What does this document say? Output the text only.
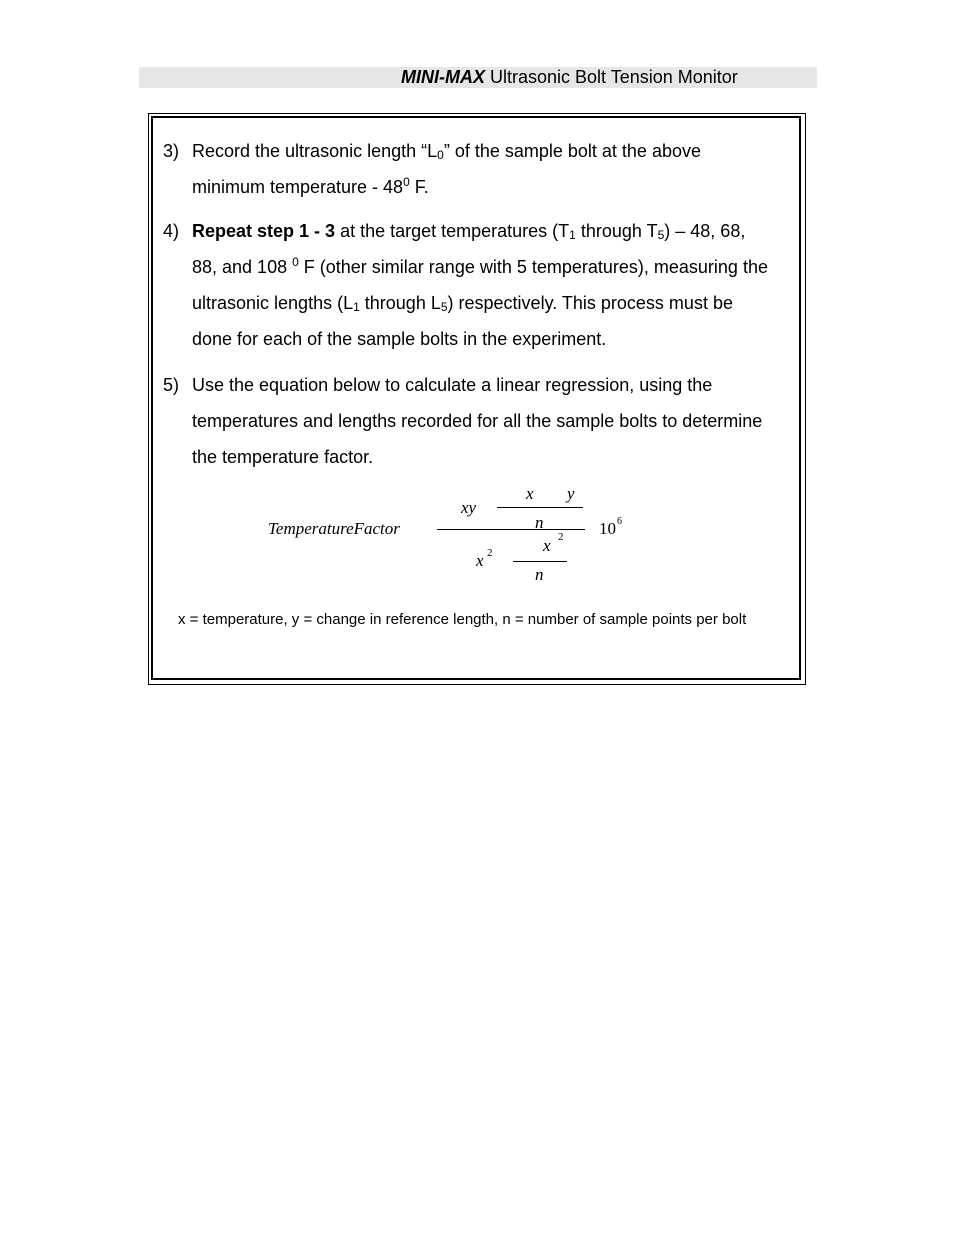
MINI-MAX Ultrasonic Bolt Tension Monitor
3) Record the ultrasonic length “$L_0$” of the sample bolt at the above
minimum temperature - $48^0$ F.
4) Repeat step 1 - 3 at the target temperatures ($T_1$ through $T_5) - 48$, 68,
88, and 108 $^0$ F (other similar range with 5 temperatures), measuring the
ultrasonic lengths ($L_1$ through $L_5$) respectively. This process must be
done for each of the sample bolts in the experiment.
5) Use the equation below to calculate a linear regression, using the
temperatures and lengths recorded for all the sample bolts to determine
the temperature factor.
TemperatureFactor
xy
x y
n
x 2	x 2
n
10 6
x = temperature, y = change in reference length, n = number of sample points per bolt
